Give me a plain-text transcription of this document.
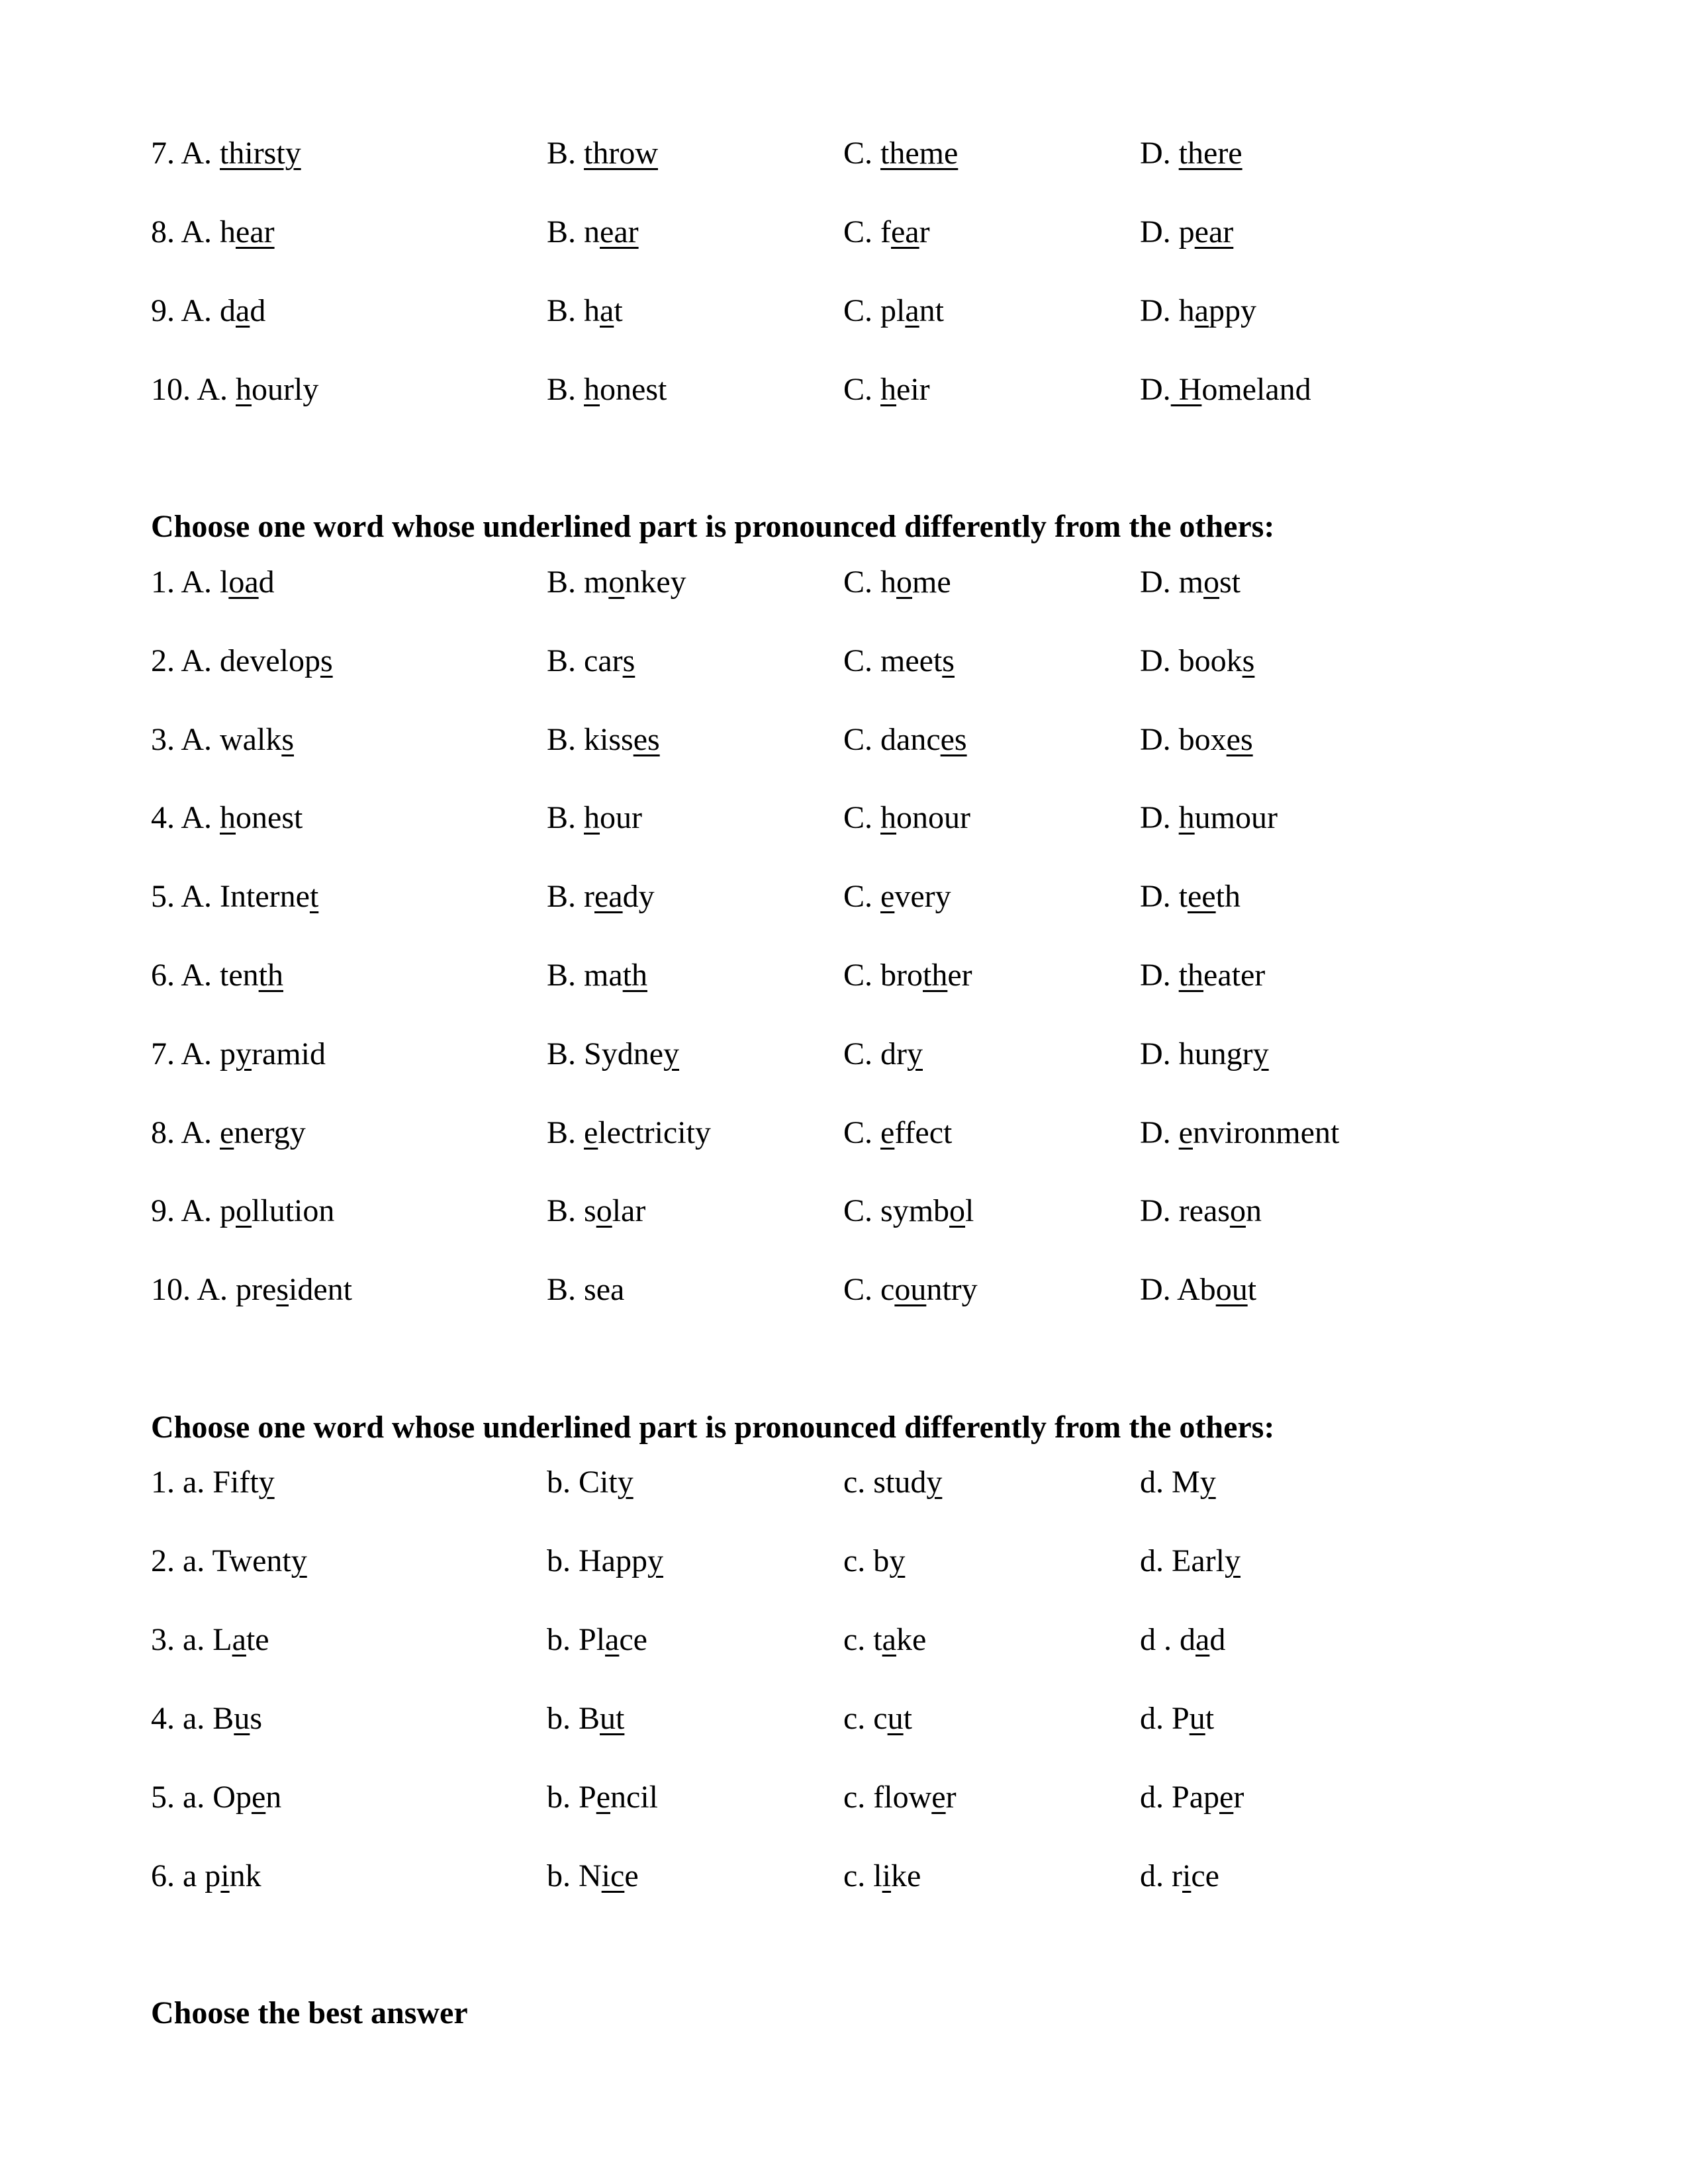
7. A. thirsty	B. throw	C. theme	D. there
8. A. hear	B. near	C. fear	D. pear
9. A. dad	B. hat	C. plant	D. happy
10. A. hourly	B. honest	C. heir	D. Homeland
Choose one word whose underlined part is pronounced differently from the others:
1. A. load	B. monkey	C. home	D. most
2. A. develops	B. cars	C. meets	D. books
3. A. walks	B. kisses	C. dances	D. boxes
4. A. honest	B. hour	C. honour	D. humour
5. A. Internet	B. ready	C. every	D. teeth
6. A. tenth	B. math	C. brother	D. theater
7. A. pyramid	B. Sydney	C. dry	D. hungry
8. A. energy	B. electricity	C. effect	D. environment
9. A. pollution	B. solar	C. symbol	D. reason
10. A. president	B. sea	C. country	D. About
Choose one word whose underlined part is pronounced differently from the others:
1. a. Fifty	b. City	c. study	d. My
2. a. Twenty	b. Happy	c. by	d. Early
3. a. Late	b. Place	c. take	d . dad
4. a. Bus	b. But	c. cut	d. Put
5. a. Open	b. Pencil	c. flower	d. Paper
6. a pink	b. Nice	c. like	d. rice
Choose the best answer
